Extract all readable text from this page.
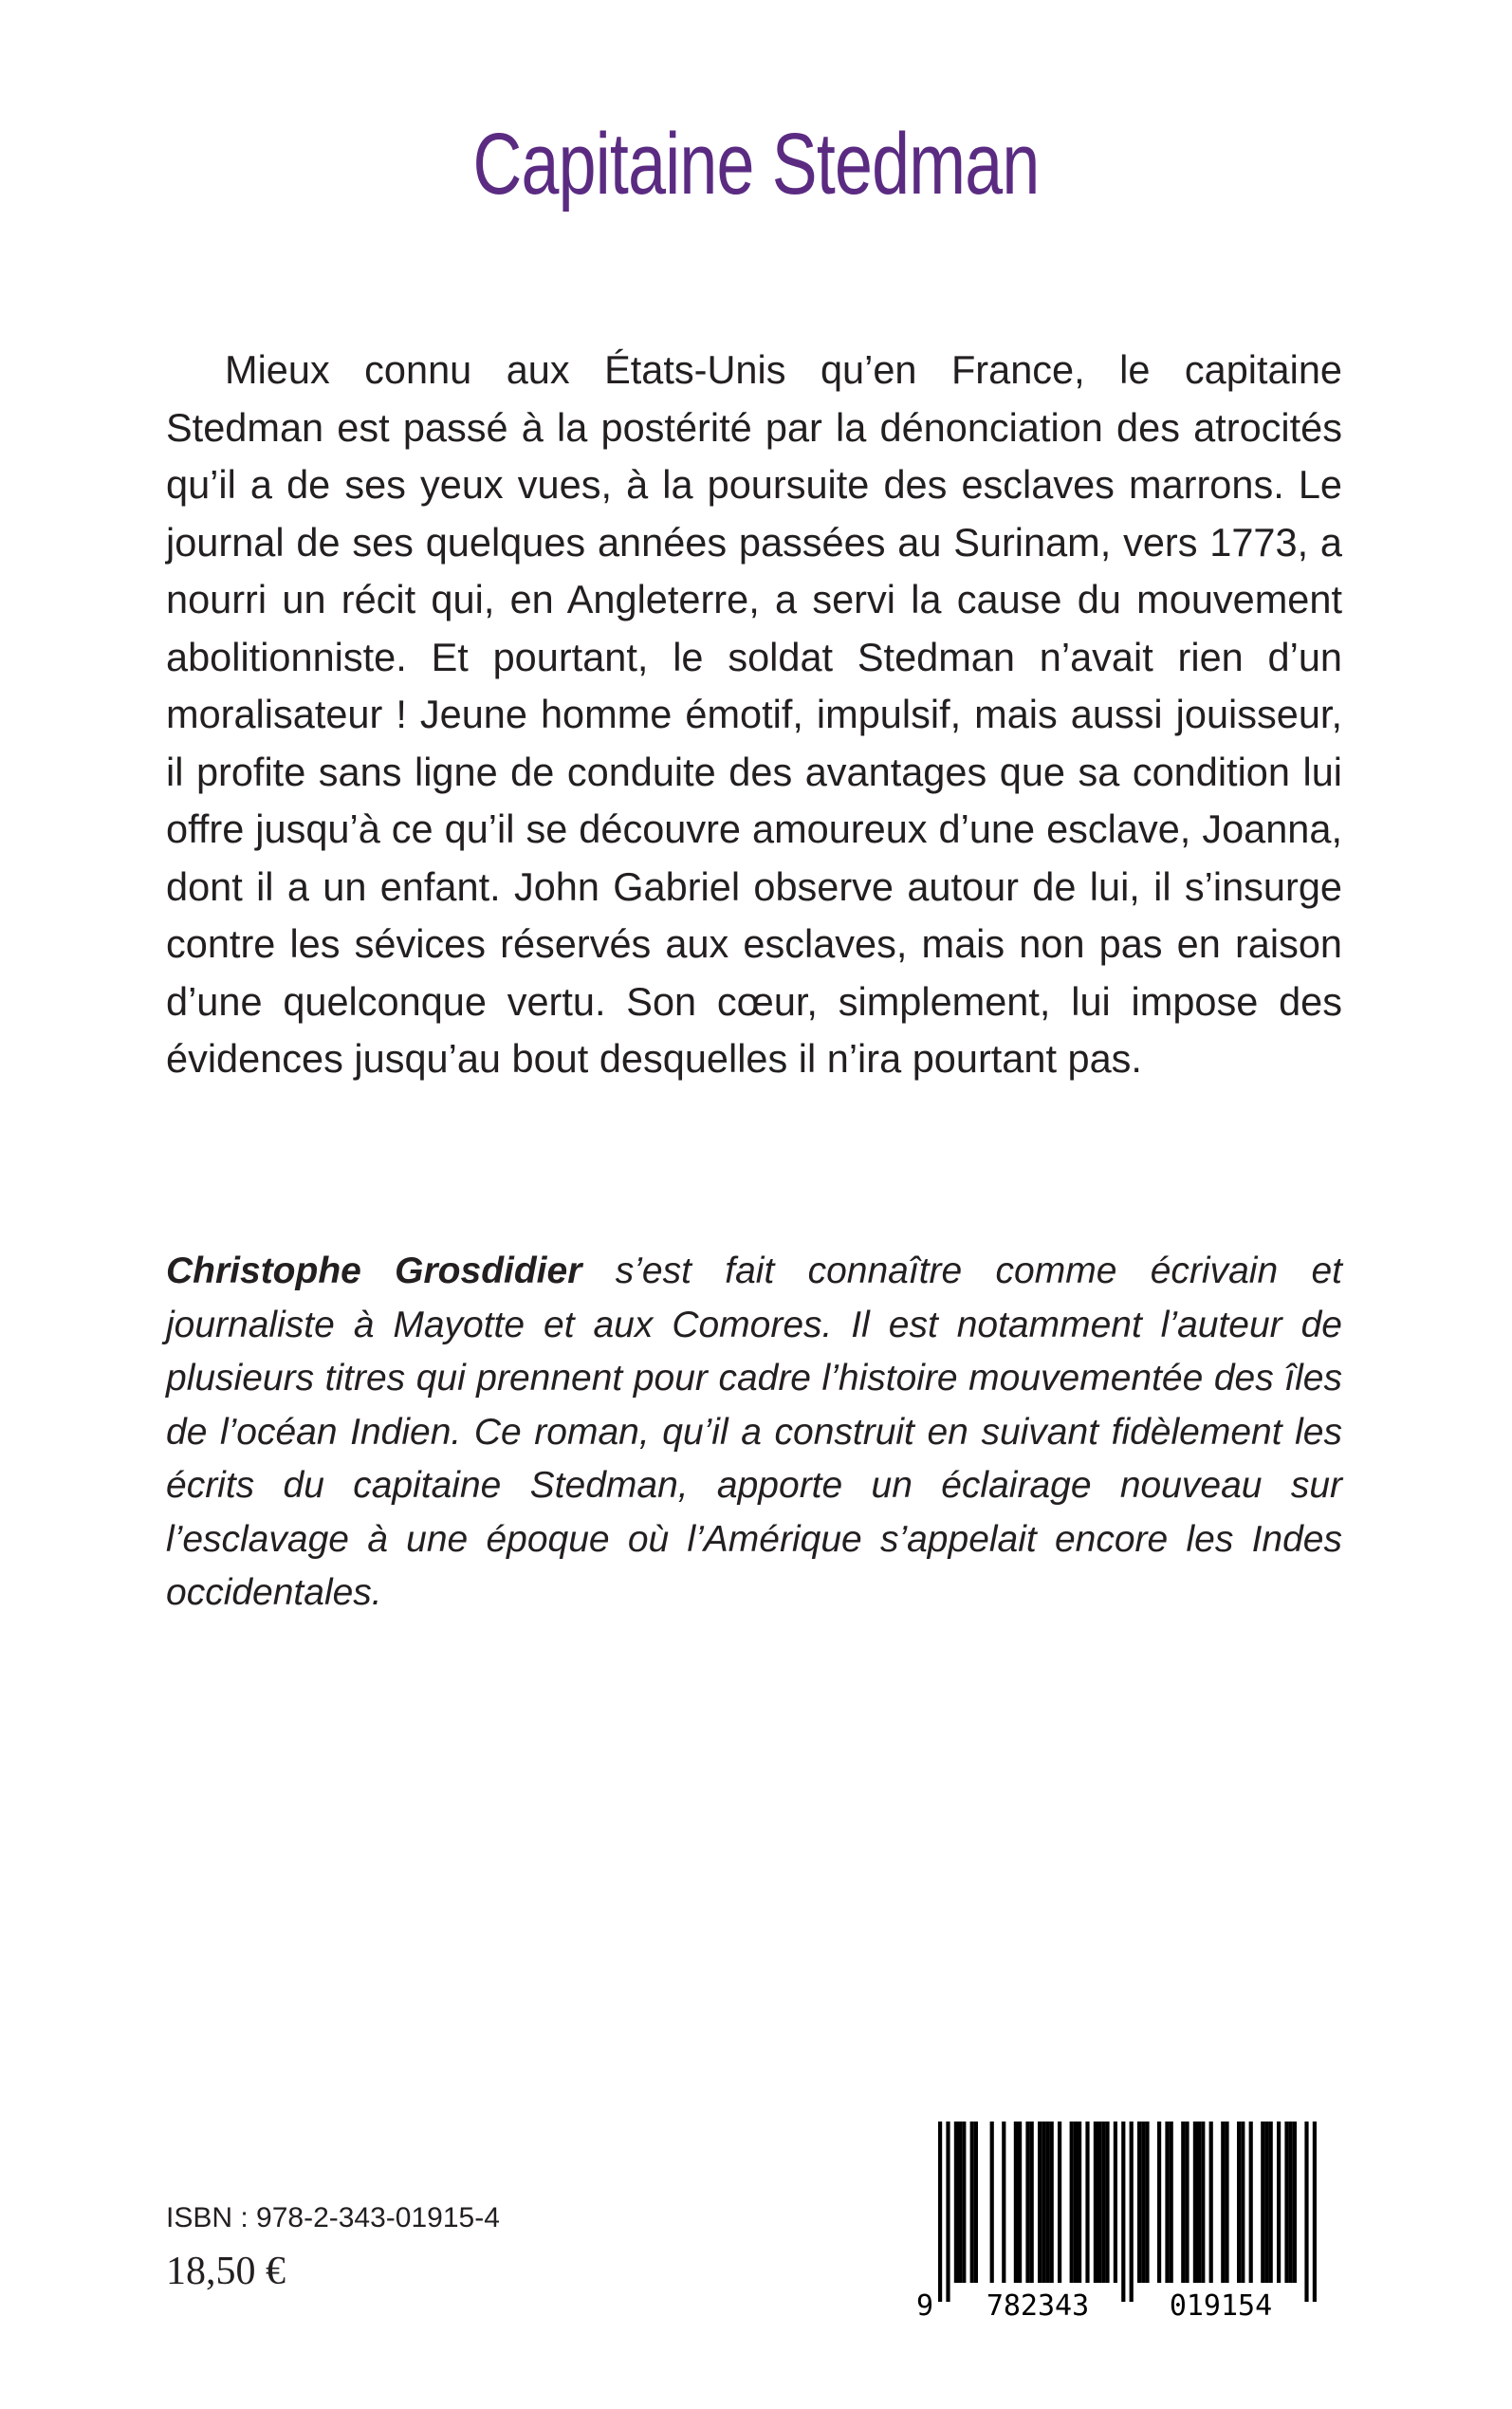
Capitaine Stedman

Mieux connu aux États-Unis qu’en France, le capitaine Stedman est passé à la postérité par la dénonciation des atrocités qu’il a de ses yeux vues, à la poursuite des esclaves marrons. Le journal de ses quelques années passées au Surinam, vers 1773, a nourri un récit qui, en Angleterre, a servi la cause du mouvement abolitionniste. Et pourtant, le soldat Stedman n’avait rien d’un moralisateur ! Jeune homme émotif, impulsif, mais aussi jouisseur, il profite sans ligne de conduite des avantages que sa condition lui offre jusqu’à ce qu’il se découvre amoureux d’une esclave, Joanna, dont il a un enfant. John Gabriel observe autour de lui, il s’insurge contre les sévices réservés aux esclaves, mais non pas en raison d’une quelconque vertu. Son cœur, simplement, lui impose des évidences jusqu’au bout desquelles il n’ira pourtant pas.

Christophe Grosdidier s’est fait connaître comme écrivain et journaliste à Mayotte et aux Comores. Il est notamment l’auteur de plusieurs titres qui prennent pour cadre l’histoire mouvementée des îles de l’océan Indien. Ce roman, qu’il a construit en suivant fidèlement les écrits du capitaine Stedman, apporte un éclairage nouveau sur l’esclavage à une époque où l’Amérique s’appelait encore les Indes occidentales.

ISBN : 978-2-343-01915-4
18,50 €
9 782343	019154
